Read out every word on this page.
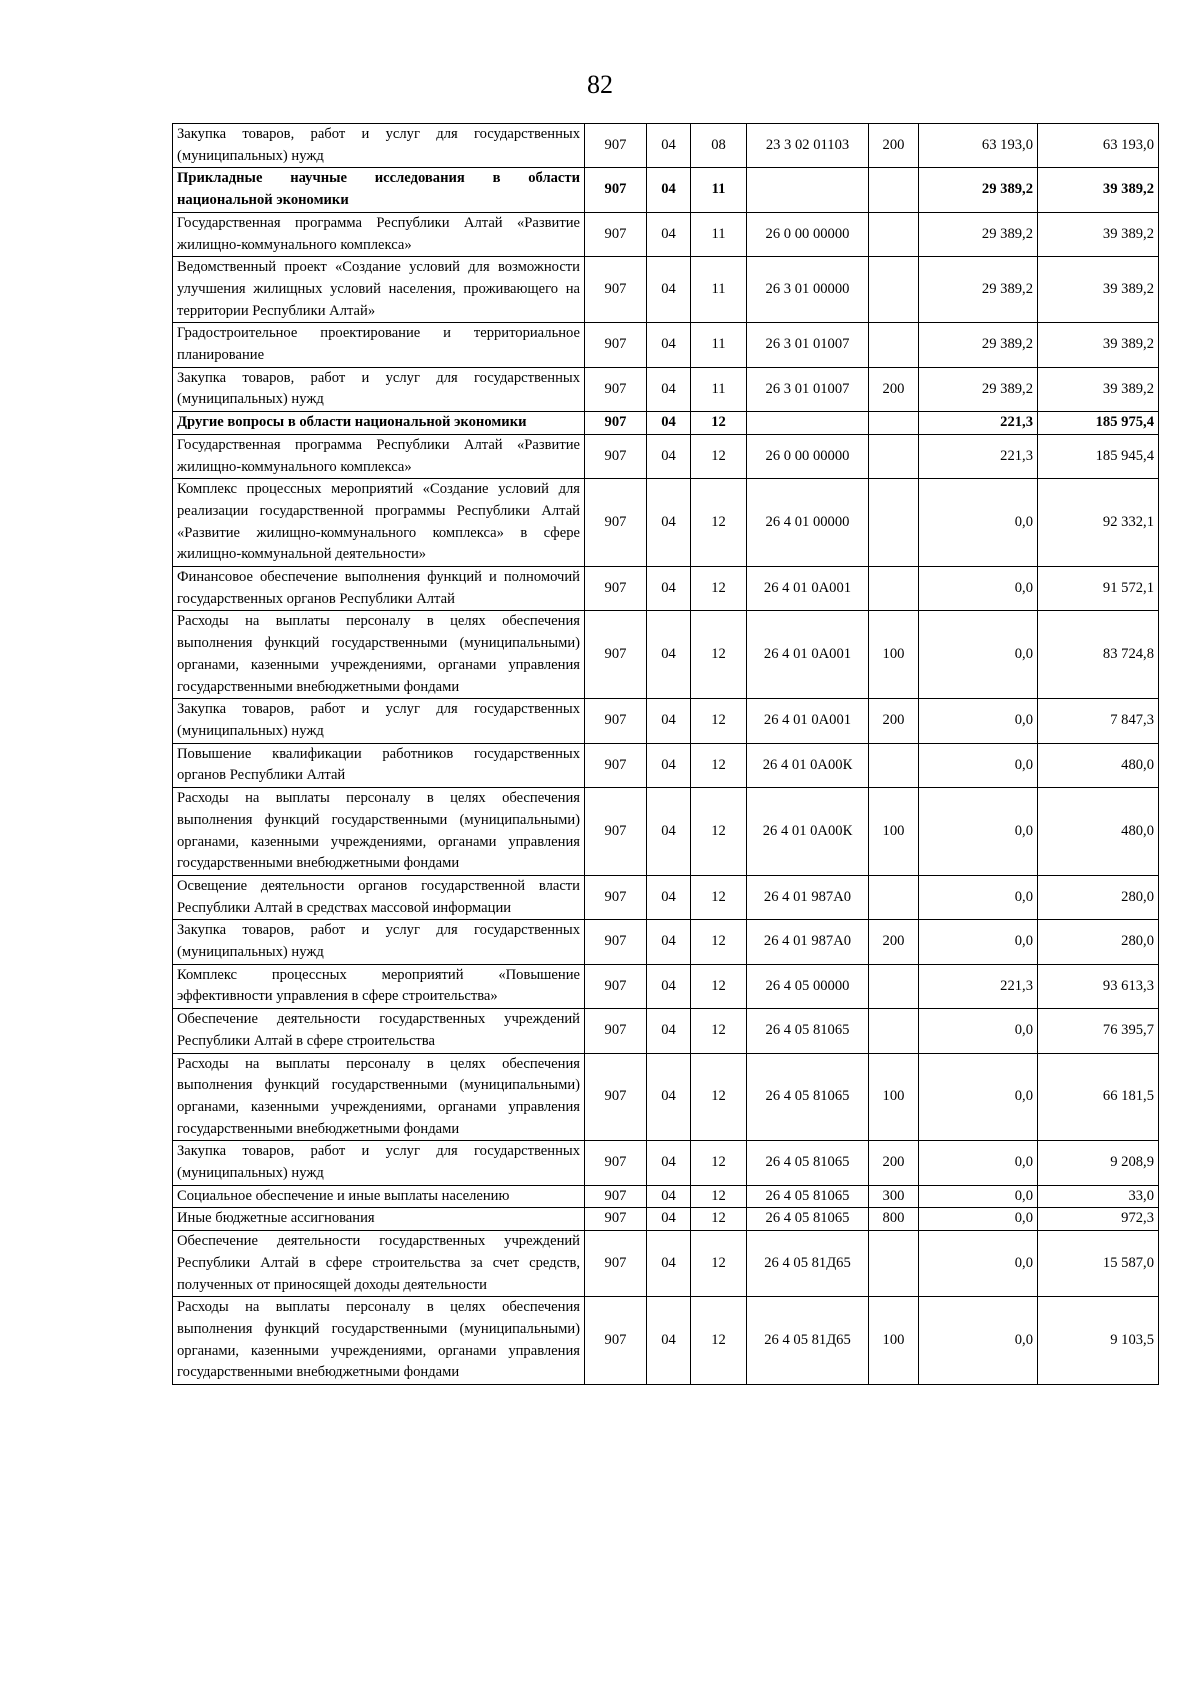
82
Закупка товаров, работ и услуг для государственных (муниципальных) нужд	907	04	08	23 3 02 01103	200	63 193,0	63 193,0
Прикладные научные исследования в области национальной экономики	907	04	11			29 389,2	39 389,2
Государственная программа Республики Алтай «Развитие жилищно-коммунального комплекса»	907	04	11	26 0 00 00000		29 389,2	39 389,2
Ведомственный проект «Создание условий для возможности улучшения жилищных условий населения, проживающего на территории Республики Алтай»	907	04	11	26 3 01 00000		29 389,2	39 389,2
Градостроительное проектирование и территориальное планирование	907	04	11	26 3 01 01007		29 389,2	39 389,2
Закупка товаров, работ и услуг для государственных (муниципальных) нужд	907	04	11	26 3 01 01007	200	29 389,2	39 389,2
Другие вопросы в области национальной экономики	907	04	12			221,3	185 975,4
Государственная программа Республики Алтай «Развитие жилищно-коммунального комплекса»	907	04	12	26 0 00 00000		221,3	185 945,4
Комплекс процессных мероприятий «Создание условий для реализации государственной программы Республики Алтай «Развитие жилищно-коммунального комплекса» в сфере жилищно-коммунальной деятельности»	907	04	12	26 4 01 00000		0,0	92 332,1
Финансовое обеспечение выполнения функций и полномочий государственных органов Республики Алтай	907	04	12	26 4 01 0А001		0,0	91 572,1
Расходы на выплаты персоналу в целях обеспечения выполнения функций государственными (муниципальными) органами, казенными учреждениями, органами управления государственными внебюджетными фондами	907	04	12	26 4 01 0А001	100	0,0	83 724,8
Закупка товаров, работ и услуг для государственных (муниципальных) нужд	907	04	12	26 4 01 0А001	200	0,0	7 847,3
Повышение квалификации работников государственных органов Республики Алтай	907	04	12	26 4 01 0А00К		0,0	480,0
Расходы на выплаты персоналу в целях обеспечения выполнения функций государственными (муниципальными) органами, казенными учреждениями, органами управления государственными внебюджетными фондами	907	04	12	26 4 01 0А00К	100	0,0	480,0
Освещение деятельности органов государственной власти Республики Алтай в средствах массовой информации	907	04	12	26 4 01 987А0		0,0	280,0
Закупка товаров, работ и услуг для государственных (муниципальных) нужд	907	04	12	26 4 01 987А0	200	0,0	280,0
Комплекс процессных мероприятий «Повышение эффективности управления в сфере строительства»	907	04	12	26 4 05 00000		221,3	93 613,3
Обеспечение деятельности государственных учреждений Республики Алтай в сфере строительства	907	04	12	26 4 05 81065		0,0	76 395,7
Расходы на выплаты персоналу в целях обеспечения выполнения функций государственными (муниципальными) органами, казенными учреждениями, органами управления государственными внебюджетными фондами	907	04	12	26 4 05 81065	100	0,0	66 181,5
Закупка товаров, работ и услуг для государственных (муниципальных) нужд	907	04	12	26 4 05 81065	200	0,0	9 208,9
Социальное обеспечение и иные выплаты населению	907	04	12	26 4 05 81065	300	0,0	33,0
Иные бюджетные ассигнования	907	04	12	26 4 05 81065	800	0,0	972,3
Обеспечение деятельности государственных учреждений Республики Алтай в сфере строительства за счет средств, полученных от приносящей доходы деятельности	907	04	12	26 4 05 81Д65		0,0	15 587,0
Расходы на выплаты персоналу в целях обеспечения выполнения функций государственными (муниципальными) органами, казенными учреждениями, органами управления государственными внебюджетными фондами	907	04	12	26 4 05 81Д65	100	0,0	9 103,5
